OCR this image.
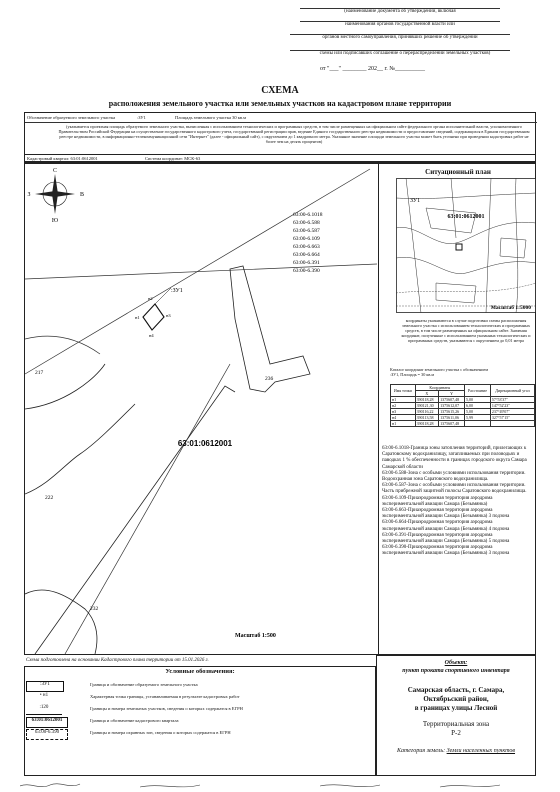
(наименование документа об утверждении, включая
наименования органов государственной власти или
органов местного самоуправления, принявших решение об утверждении
схемы или подписавших соглашение о перераспределении земельных участков)
от "___" ________ 202__ г. №__________
СХЕМА
расположения земельного участка или земельных участков на кадастровом плане территории
Обозначение образуемого земельного участка	:ЗУ1	Площадь земельного участка 30 кв.м
(указывается проектная площадь образуемого земельного участка, вычисленная с использованием технологических и программных средств, в том числе размещенных на официальном сайте федерального органа исполнительной власти, уполномоченного Правительством Российской Федерации на осуществление государственного кадастрового учета, государственной регистрации прав, ведение Единого государственного реестра недвижимости и предоставление сведений, содержащихся в Едином государственном реестре недвижимости, в информационно-телекоммуникационной сети "Интернет" (далее - официальный сайт), с округлением до 1 квадратного метра. Указанное значение площади земельного участка может быть уточнено при проведении кадастровых работ не более чем на десять процентов)
Кадастровый квартал: 63:01:0612001	Система координат: МСК-63
С
Ю
З	В
63:00-6.1018
63:00-6.588
63:00-6.587
63:00-6.109
63:00-6.663
63:00-6.664
63:00-6.391
63:00-6.390
:ЗУ1
н1
н2
н3
н4
217
236
222
232
63:01:0612001
Масштаб 1:500
Ситуационный план
ЗУ1
63:01:0612001
Масштаб 1:5000
координаты указываются в случае подготовки схемы расположения земельного участка с использованием технологических и программных средств, в том числе размещенных на официальном сайте. Значения координат, полученные с использованием указанных технологических и программных средств, указываются с округлением до 0,01 метра
Каталог координат земельного участка с обозначением :ЗУ1, Площадь = 30 кв.м
Имя точки	Координаты		Расстояние	Дирекционный угол
	X	Y		
н1	390118,28	1375607,48	5,00	57°53'37"
н2	390121,30	1375612,07	6,00	147°52'23"
н3	390116,22	1375615,26	5,00	237°49'07"
н4	390113,58	1375611,06	5,99	327°57'15"
н1	390118,28	1375607,48		
63:00-6.1018-Граница зоны затопления территорий, прилегающих к Саратовскому водохранилищу, затапливаемых при половодьях и паводках 1 % обеспеченности в границах городского округа Самара Самарской области
63:00-6.588-Зона с особыми условиями использования территории. Водоохранная зона Саратовского водохранилища.
63:00-6.587-Зона с особыми условиями использования территории. Часть прибрежной защитной полосы Саратовского водохранилища.
63:00-6.109-Приаэродромная территория аэродрома экспериментальной авиации Самара (Безымянка)
63:00-6.663-Приаэродромная территория аэродрома экспериментальной авиации Самара (Безымянка) 3 подзона
63:00-6.664-Приаэродромная территория аэродрома экспериментальной авиации Самара (Безымянка) 4 подзона
63:00-6.391-Приаэродромная территория аэродрома экспериментальной авиации Самара (Безымянка) 5 подзона
63:00-6.390-Приаэродромная территория аэродрома экспериментальной авиации Самара (Безымянка) 3 подзона
Схема подготовлена на основании Кадастрового плана территории от 15.01.2026 г.
Условные обозначения:
:ЗУ1	Граница и обозначение образуемого земельного участка
• н1	Характерная точка границы, устанавливаемая в результате кадастровых работ
:120	Границы и номера земельных участков, сведения о которых содержатся в ЕГРН
63:01:0612001	Граница и обозначение кадастрового квартала
63:00-6.390	Границы и номера охранных зон, сведения о которых содержатся в ЕГРН
Объект:
пункт проката спортивного инвентаря
Самарская область, г. Самара,
Октябрьский район,
в границах улицы Лесной
Территориальная зона
Р-2
Категория земель: Земли населенных пунктов
